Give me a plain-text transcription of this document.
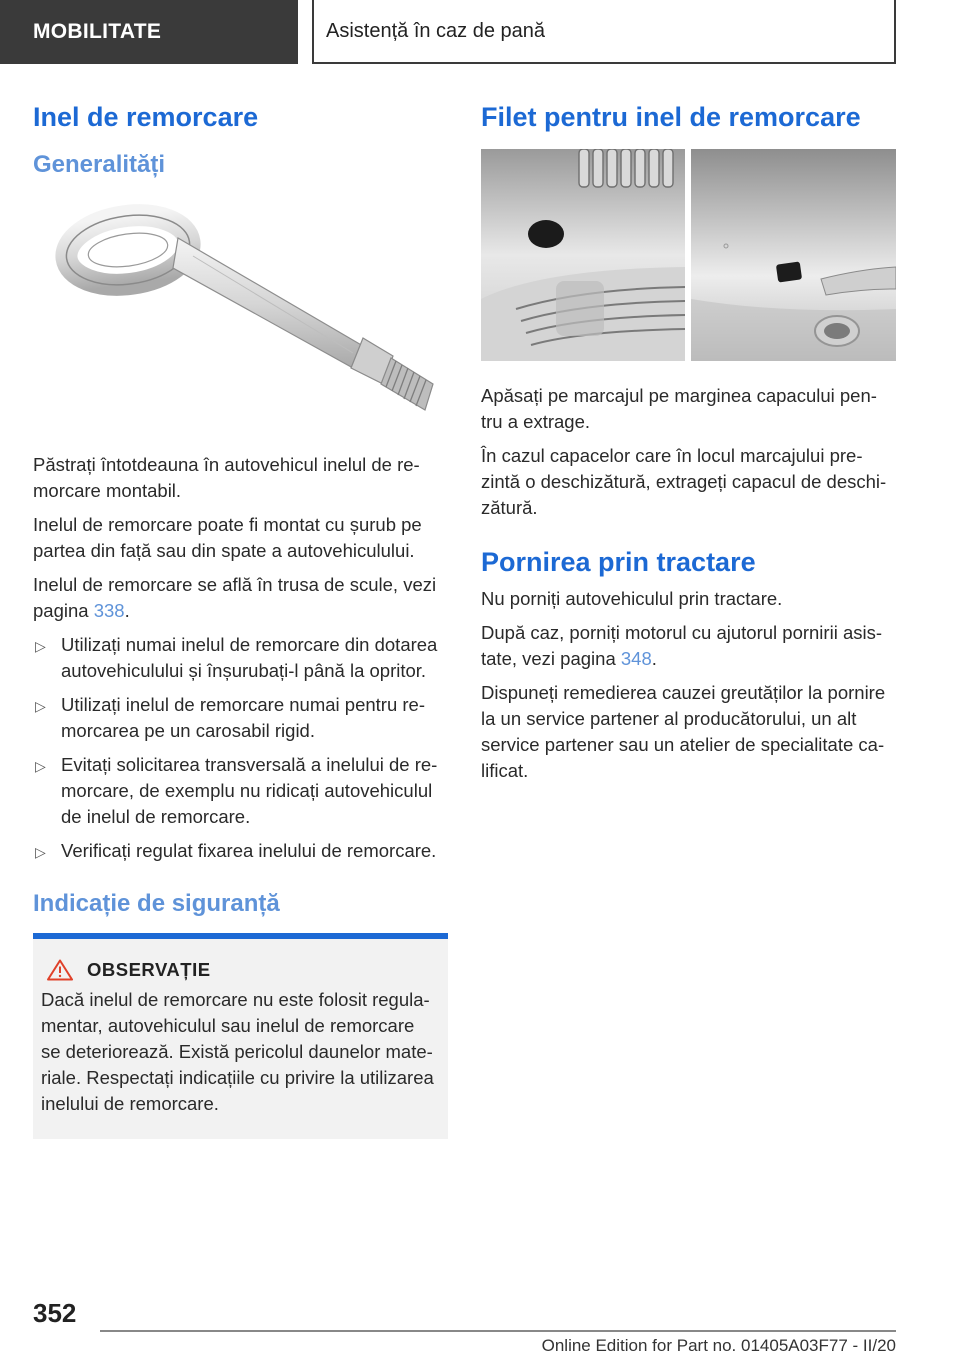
MOBILITATE	Asistență în caz de pană
Inel de remorcare
Generalități

Păstrați întotdeauna în autovehicul inelul de re-morcare montabil.

Inelul de remorcare poate fi montat cu șurub pe partea din față sau din spate a autovehiculului.

Inelul de remorcare se află în trusa de scule, vezi pagina 338.

▷ Utilizați numai inelul de remorcare din dotarea autovehiculului și înșurubați-l până la opritor.
▷ Utilizați inelul de remorcare numai pentru re-morcarea pe un carosabil rigid.
▷ Evitați solicitarea transversală a inelului de re-morcare, de exemplu nu ridicați autovehiculul de inelul de remorcare.
▷ Verificați regulat fixarea inelului de remorcare.
Indicație de siguranță
OBSERVAȚIE

Dacă inelul de remorcare nu este folosit regula-mentar, autovehiculul sau inelul de remorcare se deteriorează. Există pericolul daunelor mate-riale. Respectați indicațiile cu privire la utilizarea inelului de remorcare.

Filet pentru inel de remorcare

Apăsați pe marcajul pe marginea capacului pen-tru a extrage.

În cazul capacelor care în locul marcajului pre-zintă o deschizătură, extrageți capacul de deschi-zătură.

Pornirea prin tractare

Nu porniți autovehiculul prin tractare.

După caz, porniți motorul cu ajutorul pornirii asis-tate, vezi pagina 348.

Dispuneți remedierea cauzei greutăților la pornire la un service partener al producătorului, un alt service partener sau un atelier de specialitate ca-lificat.

352
Online Edition for Part no. 01405A03F77 - II/20
